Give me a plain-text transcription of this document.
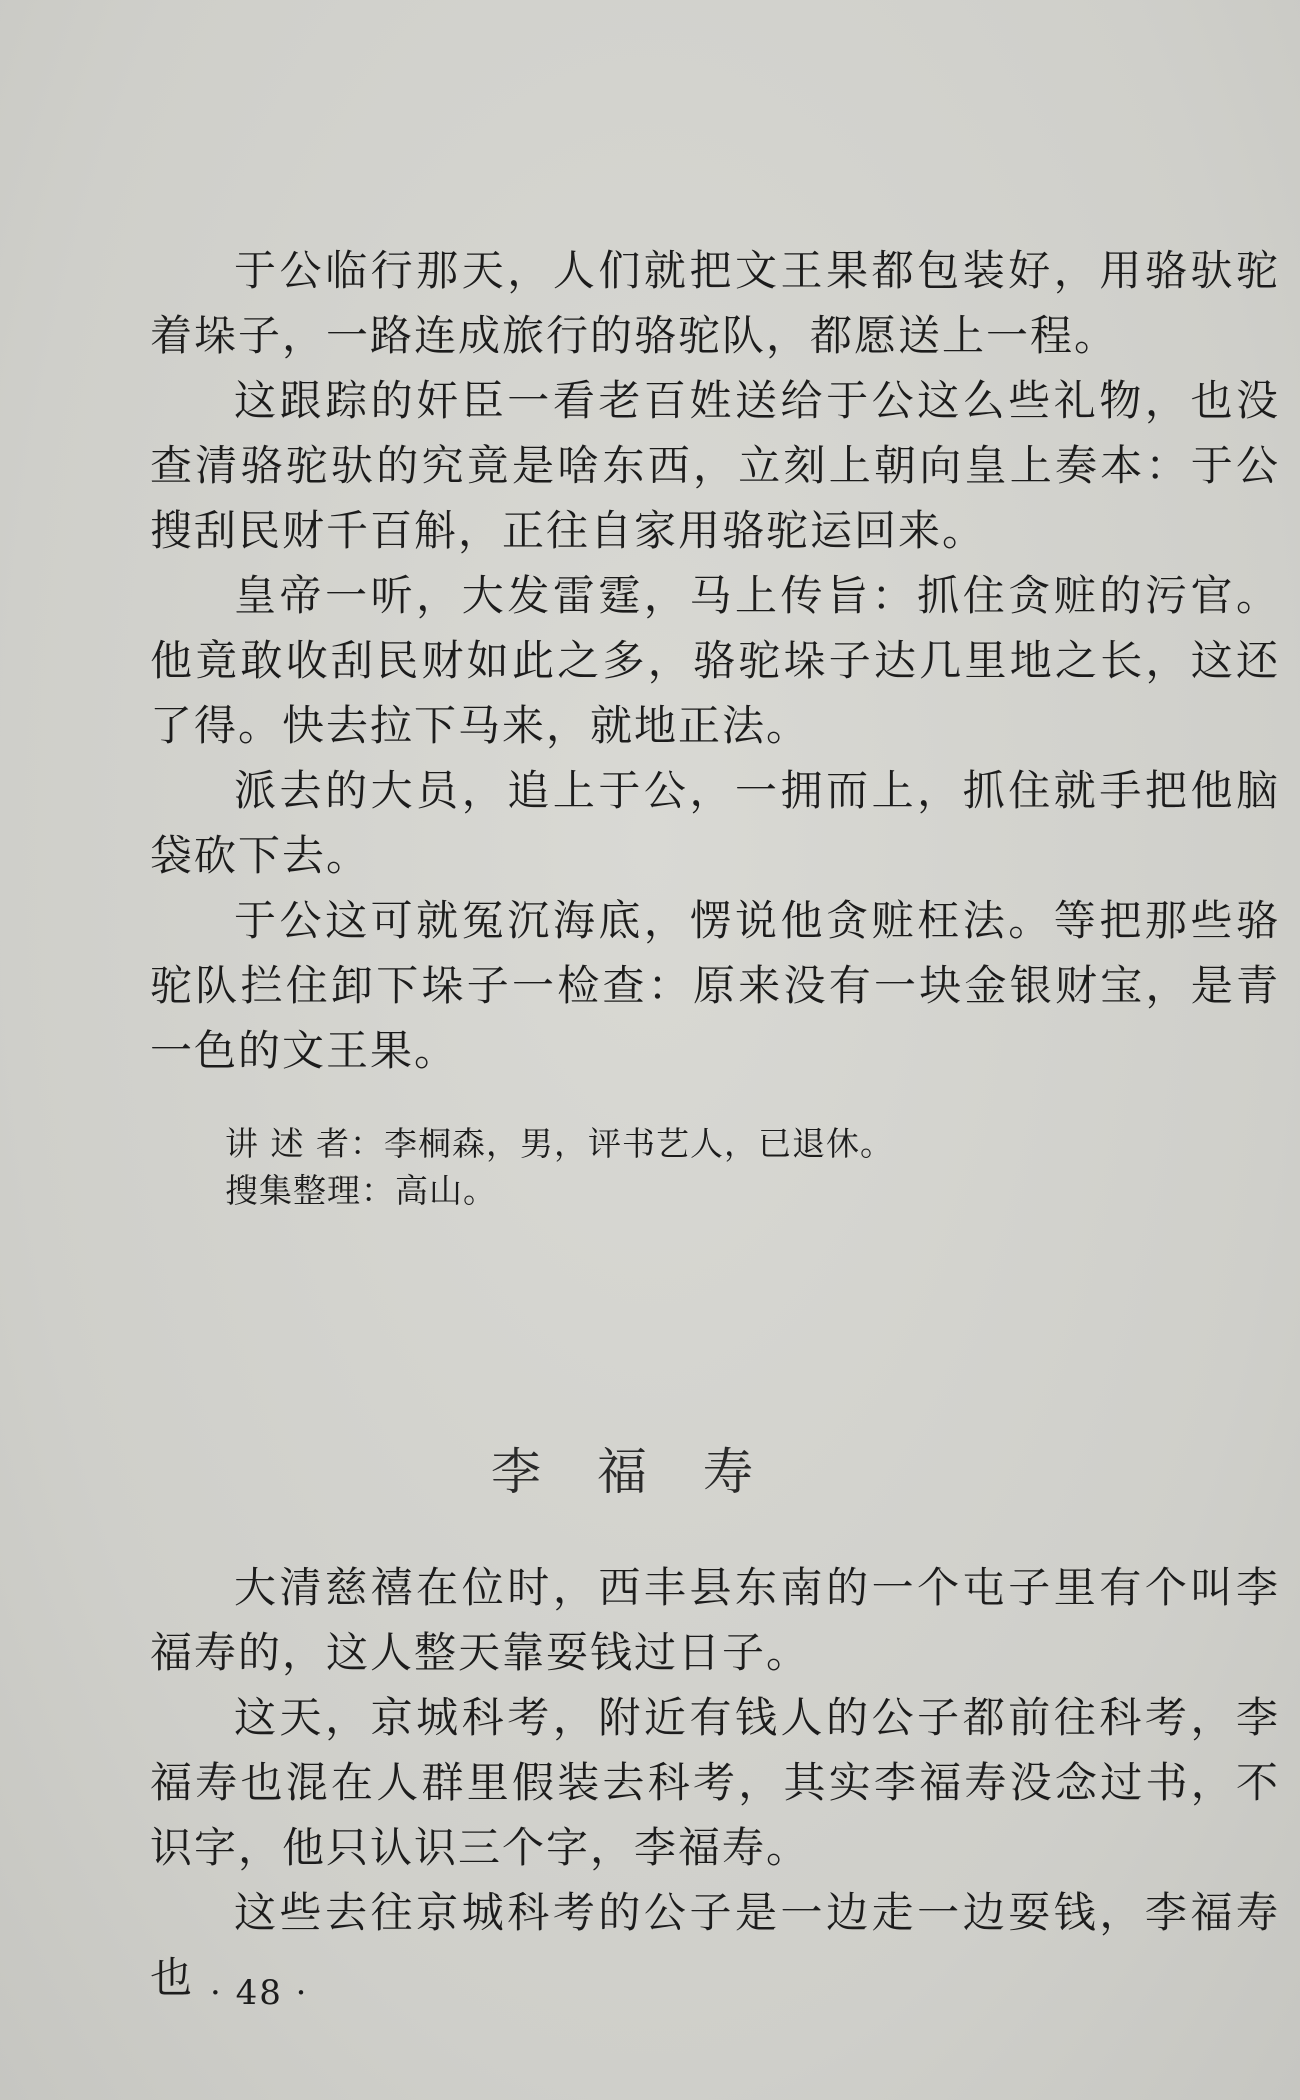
于公临行那天，人们就把文王果都包装好，用骆驮驼着垛子，一路连成旅行的骆驼队，都愿送上一程。

这跟踪的奸臣一看老百姓送给于公这么些礼物，也没查清骆驼驮的究竟是啥东西，立刻上朝向皇上奏本：于公搜刮民财千百斛，正往自家用骆驼运回来。

皇帝一听，大发雷霆，马上传旨：抓住贪赃的污官。他竟敢收刮民财如此之多，骆驼垛子达几里地之长，这还了得。快去拉下马来，就地正法。

派去的大员，追上于公，一拥而上，抓住就手把他脑袋砍下去。

于公这可就冤沉海底，愣说他贪赃枉法。等把那些骆驼队拦住卸下垛子一检查：原来没有一块金银财宝，是青一色的文王果。

讲 述 者：李桐森，男，评书艺人，已退休。
搜集整理：高山。
李福寿

大清慈禧在位时，西丰县东南的一个屯子里有个叫李福寿的，这人整天靠耍钱过日子。

这天，京城科考，附近有钱人的公子都前往科考，李福寿也混在人群里假装去科考，其实李福寿没念过书，不识字，他只认识三个字，李福寿。

这些去往京城科考的公子是一边走一边耍钱，李福寿也 · 48 ·
